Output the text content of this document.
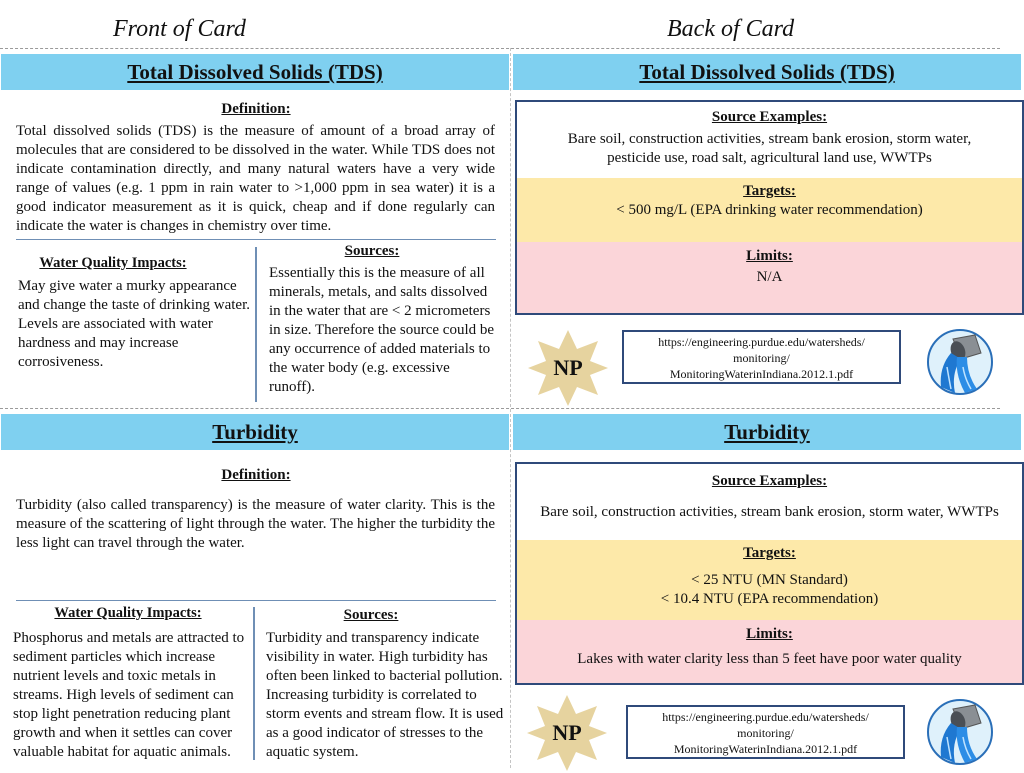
Front of Card	Back of Card
Total Dissolved Solids (TDS)	Total Dissolved Solids (TDS)
Definition:
Total dissolved solids (TDS) is the measure of amount of a broad array of molecules that are considered to be dissolved in the water. While TDS does not indicate contamination directly, and many natural waters have a very wide range of values (e.g. 1 ppm in rain water to >1,000 ppm in sea water) it is a good indicator measurement as it is quick, cheap and if done regularly can indicate the water is changes in chemistry over time.
Water Quality Impacts:
May give water a murky appearance and change the taste of drinking water. Levels are associated with water hardness and may increase corrosiveness.
Sources:
Essentially this is the measure of all minerals, metals, and salts dissolved in the water that are < 2 micrometers in size. Therefore the source could be any occurrence of added materials to the water body (e.g. excessive runoff).
Source Examples:
Bare soil, construction activities, stream bank erosion, storm water, pesticide use, road salt, agricultural land use, WWTPs
Targets:
< 500 mg/L (EPA drinking water recommendation)
Limits:
N/A
NP
https://engineering.purdue.edu/watersheds/
monitoring/
MonitoringWaterinIndiana.2012.1.pdf
Turbidity	Turbidity
Definition:
Turbidity (also called transparency) is the measure of water clarity. This is the measure of the scattering of light through the water. The higher the turbidity the less light can travel through the water.
Water Quality Impacts:
Phosphorus and metals are attracted to sediment particles which increase nutrient levels and toxic metals in streams. High levels of sediment can stop light penetration reducing plant growth and when it settles can cover valuable habitat for aquatic animals.
Sources:
Turbidity and transparency indicate visibility in water. High turbidity has often been linked to bacterial pollution. Increasing turbidity is correlated to storm events and stream flow. It is used as a good indicator of stresses to the aquatic system.
Source Examples:
Bare soil, construction activities, stream bank erosion, storm water, WWTPs
Targets:
< 25 NTU (MN Standard)
< 10.4 NTU (EPA recommendation)
Limits:
Lakes with water clarity less than 5 feet have poor water quality
NP
https://engineering.purdue.edu/watersheds/
monitoring/
MonitoringWaterinIndiana.2012.1.pdf
